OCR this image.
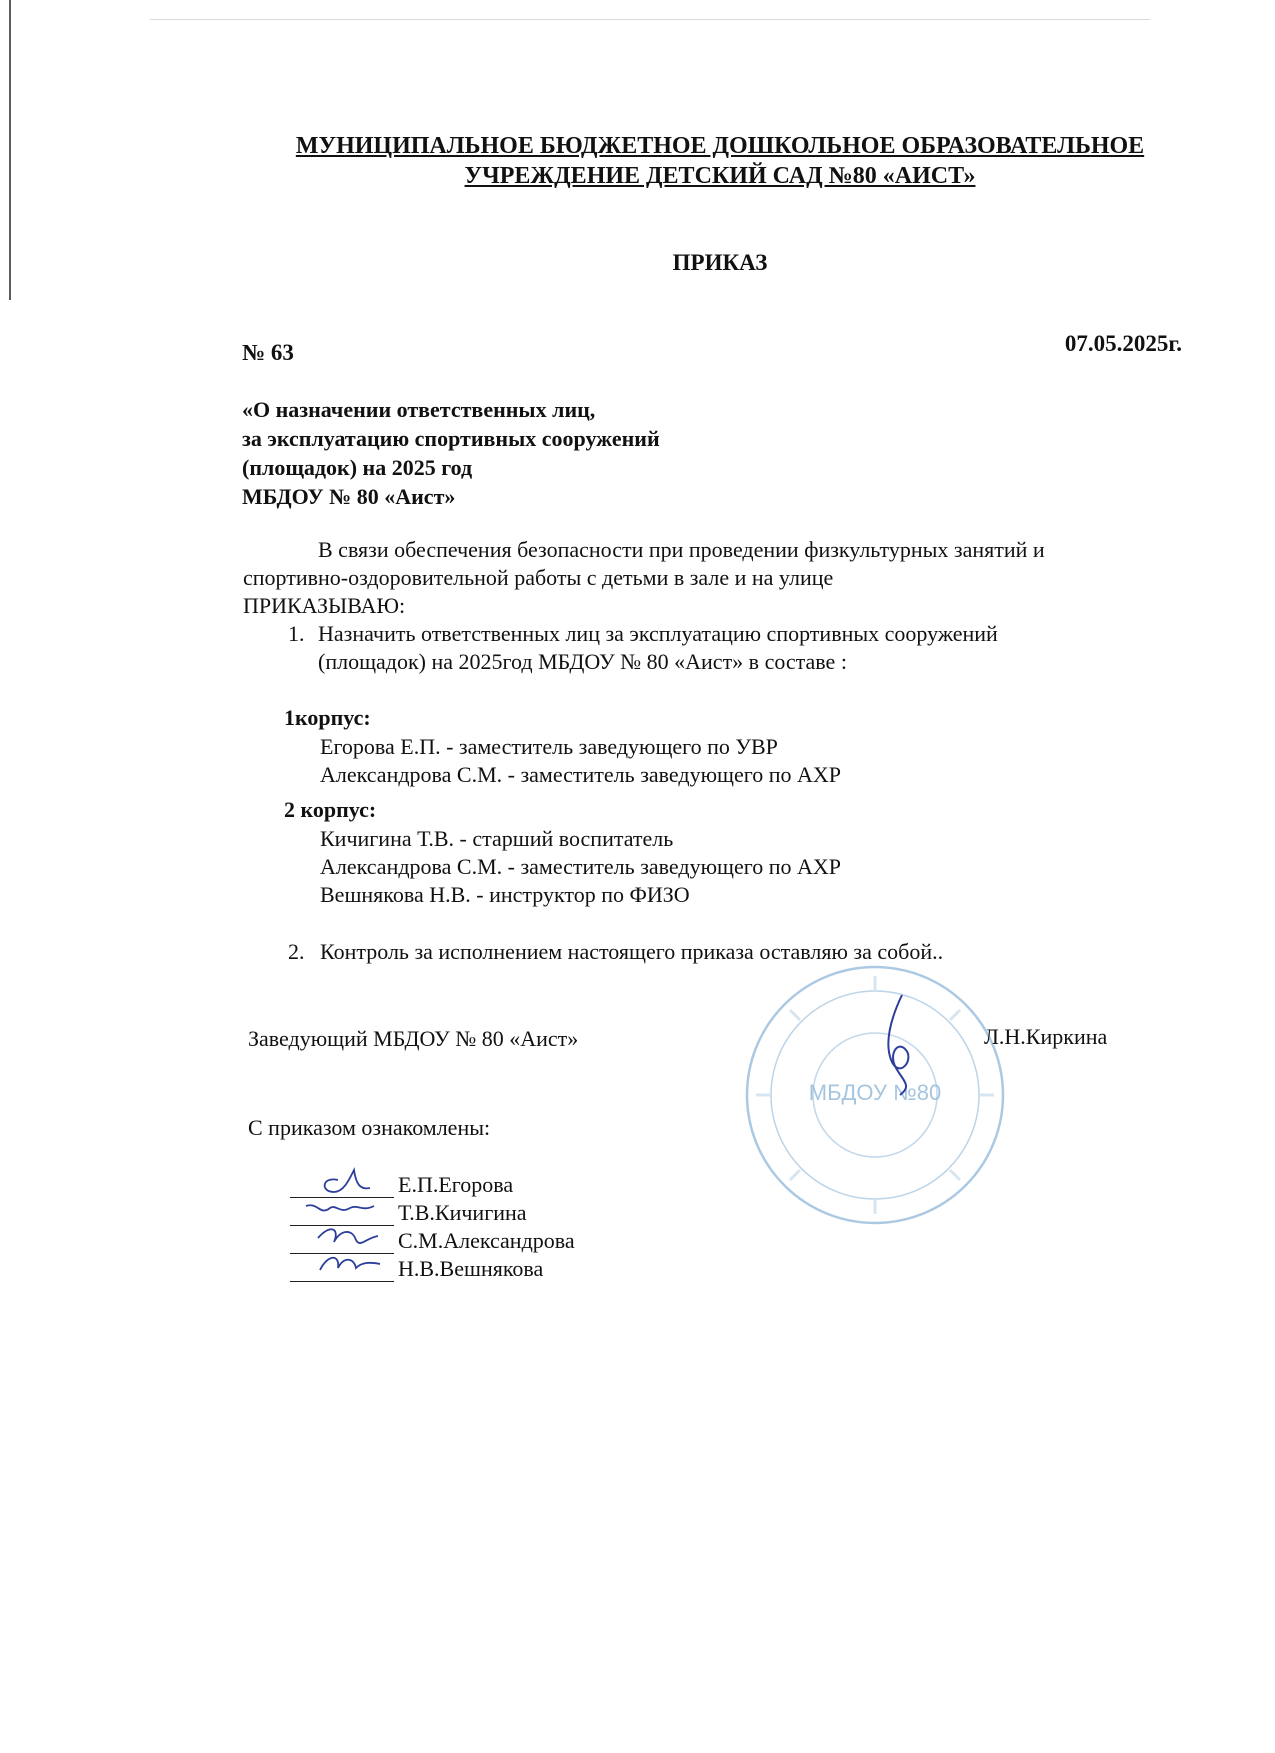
МУНИЦИПАЛЬНОЕ БЮДЖЕТНОЕ ДОШКОЛЬНОЕ ОБРАЗОВАТЕЛЬНОЕ
УЧРЕЖДЕНИЕ ДЕТСКИЙ САД №80 «АИСТ»
ПРИКАЗ
№ 63	07.05.2025г.
«О назначении ответственных лиц,
за эксплуатацию спортивных сооружений
(площадок) на 2025 год
МБДОУ № 80 «Аист»
В связи обеспечения безопасности при проведении физкультурных занятий и
спортивно-оздоровительной работы с детьми в зале и на улице
ПРИКАЗЫВАЮ:
1. Назначить ответственных лиц за эксплуатацию спортивных сооружений
(площадок) на 2025год МБДОУ № 80 «Аист» в составе :
1корпус:
Егорова Е.П. - заместитель заведующего по УВР
Александрова С.М. - заместитель заведующего по АХР
2 корпус:
Кичигина Т.В. - старший воспитатель
Александрова С.М. - заместитель заведующего по АХР
Вешнякова Н.В. - инструктор по ФИЗО
2. Контроль за исполнением настоящего приказа оставляю за собой..
МБДОУ №80
Заведующий МБДОУ № 80 «Аист»	Л.Н.Киркина
С приказом ознакомлены:
Е.П.Егорова
Т.В.Кичигина
С.М.Александрова
Н.В.Вешнякова
